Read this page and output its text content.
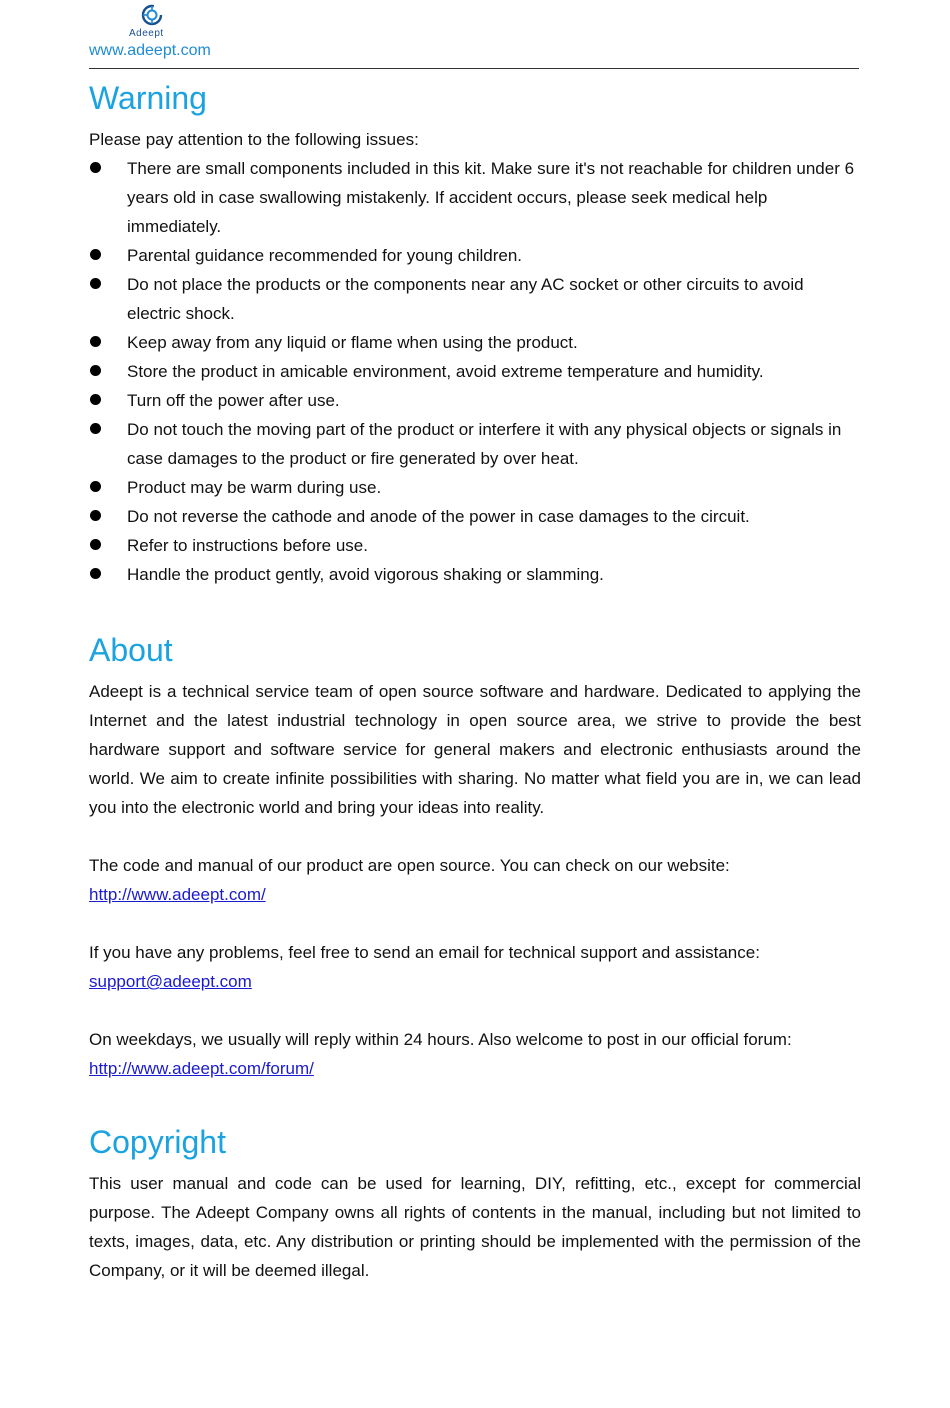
Adeept
www.adeept.com
Warning

Please pay attention to the following issues:

There are small components included in this kit. Make sure it's not reachable for children under 6 years old in case swallowing mistakenly. If accident occurs, please seek medical help immediately.
Parental guidance recommended for young children.
Do not place the products or the components near any AC socket or other circuits to avoid electric shock.
Keep away from any liquid or flame when using the product.
Store the product in amicable environment, avoid extreme temperature and humidity.
Turn off the power after use.
Do not touch the moving part of the product or interfere it with any physical objects or signals in case damages to the product or fire generated by over heat.
Product may be warm during use.
Do not reverse the cathode and anode of the power in case damages to the circuit.
Refer to instructions before use.
Handle the product gently, avoid vigorous shaking or slamming.
About

Adeept is a technical service team of open source software and hardware. Dedicated to applying the Internet and the latest industrial technology in open source area, we strive to provide the best hardware support and software service for general makers and electronic enthusiasts around the world. We aim to create infinite possibilities with sharing. No matter what field you are in, we can lead you into the electronic world and bring your ideas into reality.

The code and manual of our product are open source. You can check on our website:

http://www.adeept.com/

If you have any problems, feel free to send an email for technical support and assistance:

support@adeept.com

On weekdays, we usually will reply within 24 hours. Also welcome to post in our official forum:

http://www.adeept.com/forum/
Copyright

This user manual and code can be used for learning, DIY, refitting, etc., except for commercial purpose. The Adeept Company owns all rights of contents in the manual, including but not limited to texts, images, data, etc. Any distribution or printing should be implemented with the permission of the Company, or it will be deemed illegal.
